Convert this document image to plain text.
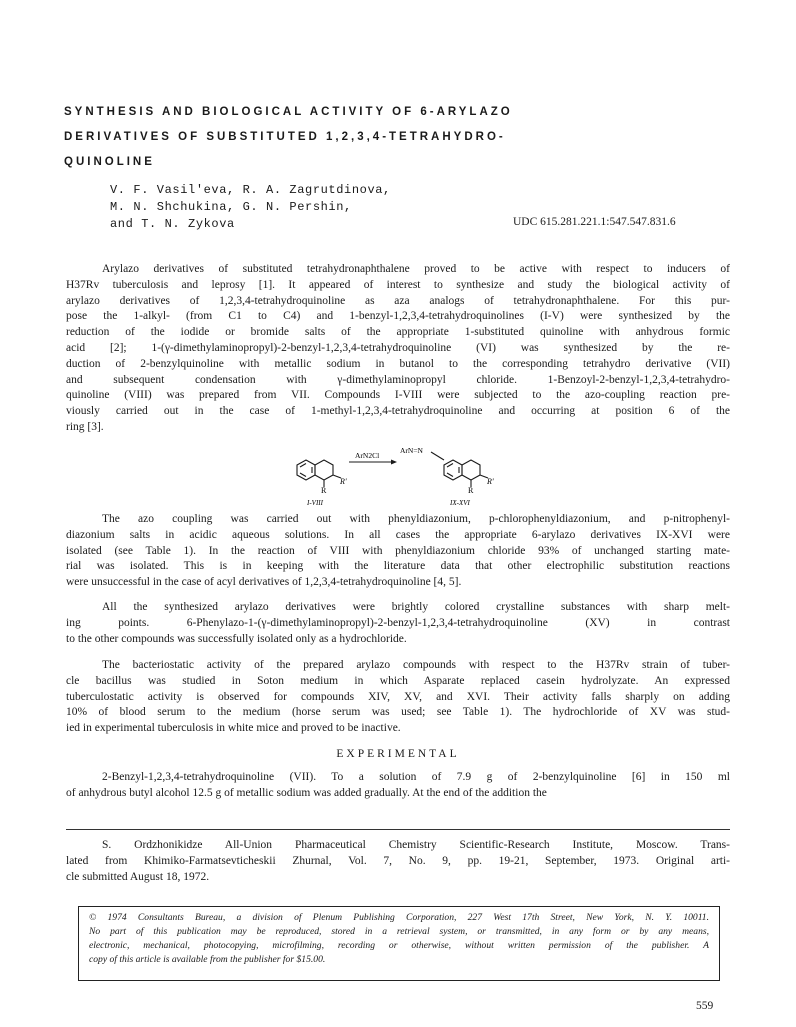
SYNTHESIS AND BIOLOGICAL ACTIVITY OF 6-ARYLAZO
DERIVATIVES OF SUBSTITUTED 1,2,3,4-TETRAHYDRO-
QUINOLINE
V. F. Vasil'eva, R. A. Zagrutdinova,
M. N. Shchukina, G. N. Pershin,
and T. N. Zykova	UDC 615.281.221.1:547.547.831.6
Arylazo derivatives of substituted tetrahydronaphthalene proved to be active with respect to inducers of
H37Rv tuberculosis and leprosy [1]. It appeared of interest to synthesize and study the biological activity of
arylazo derivatives of 1,2,3,4-tetrahydroquinoline as aza analogs of tetrahydronaphthalene. For this pur-
pose the 1-alkyl- (from C1 to C4) and 1-benzyl-1,2,3,4-tetrahydroquinolines (I-V) were synthesized by the
reduction of the iodide or bromide salts of the appropriate 1-substituted quinoline with anhydrous formic
acid [2]; 1-(γ-dimethylaminopropyl)-2-benzyl-1,2,3,4-tetrahydroquinoline (VI) was synthesized by the re-
duction of 2-benzylquinoline with metallic sodium in butanol to the corresponding tetrahydro derivative (VII)
and subsequent condensation with γ-dimethylaminopropyl chloride. 1-Benzoyl-2-benzyl-1,2,3,4-tetrahydro-
quinoline (VIII) was prepared from VII. Compounds I-VIII were subjected to the azo-coupling reaction pre-
viously carried out in the case of 1-methyl-1,2,3,4-tetrahydroquinoline and occurring at position 6 of the
ring [3].
R
R'
I-VIII
ArN2Cl
ArN=N
R
R'
IX-XVI
The azo coupling was carried out with phenyldiazonium, p-chlorophenyldiazonium, and p-nitrophenyl-
diazonium salts in acidic aqueous solutions. In all cases the appropriate 6-arylazo derivatives IX-XVI were
isolated (see Table 1). In the reaction of VIII with phenyldiazonium chloride 93% of unchanged starting mate-
rial was isolated. This is in keeping with the literature data that other electrophilic substitution reactions
were unsuccessful in the case of acyl derivatives of 1,2,3,4-tetrahydroquinoline [4, 5].
All the synthesized arylazo derivatives were brightly colored crystalline substances with sharp melt-
ing points. 6-Phenylazo-1-(γ-dimethylaminopropyl)-2-benzyl-1,2,3,4-tetrahydroquinoline (XV) in contrast
to the other compounds was successfully isolated only as a hydrochloride.
The bacteriostatic activity of the prepared arylazo compounds with respect to the H37Rv strain of tuber-
cle bacillus was studied in Soton medium in which Asparate replaced casein hydrolyzate. An expressed
tuberculostatic activity is observed for compounds XIV, XV, and XVI. Their activity falls sharply on adding
10% of blood serum to the medium (horse serum was used; see Table 1). The hydrochloride of XV was stud-
ied in experimental tuberculosis in white mice and proved to be inactive.
EXPERIMENTAL
2-Benzyl-1,2,3,4-tetrahydroquinoline (VII). To a solution of 7.9 g of 2-benzylquinoline [6] in 150 ml
of anhydrous butyl alcohol 12.5 g of metallic sodium was added gradually. At the end of the addition the
S. Ordzhonikidze All-Union Pharmaceutical Chemistry Scientific-Research Institute, Moscow. Trans-
lated from Khimiko-Farmatsevticheskii Zhurnal, Vol. 7, No. 9, pp. 19-21, September, 1973. Original arti-
cle submitted August 18, 1972.
© 1974 Consultants Bureau, a division of Plenum Publishing Corporation, 227 West 17th Street, New York, N. Y. 10011.
No part of this publication may be reproduced, stored in a retrieval system, or transmitted, in any form or by any means,
electronic, mechanical, photocopying, microfilming, recording or otherwise, without written permission of the publisher. A
copy of this article is available from the publisher for $15.00.
559
